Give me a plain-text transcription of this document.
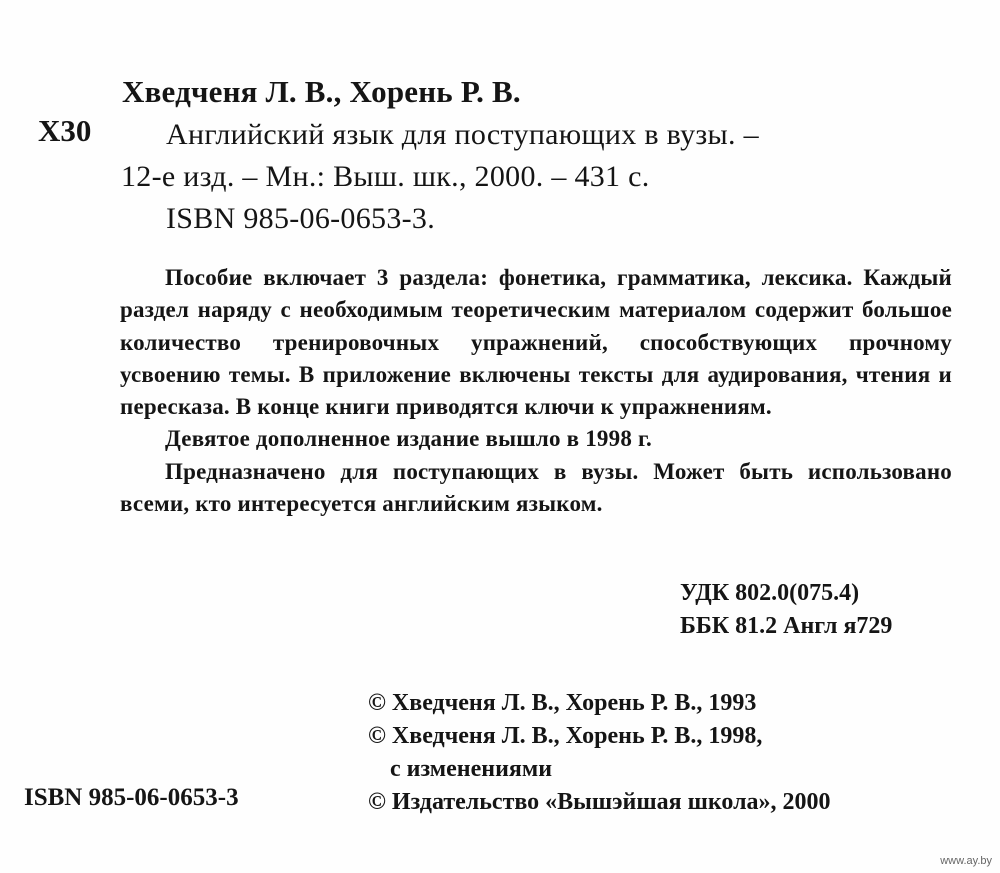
Хведченя Л. В., Хорень Р. В.
Х30 Английский язык для поступающих в вузы. –
12-е изд. – Мн.: Выш. шк., 2000. – 431 с.
ISBN 985-06-0653-3.

Пособие включает 3 раздела: фонетика, грамматика, лексика. Каждый раздел наряду с необходимым теоретическим материалом содержит большое количество тренировочных упражнений, способствующих прочному усвоению темы. В приложение включены тексты для аудирования, чтения и пересказа. В конце книги приводятся ключи к упражнениям.

Девятое дополненное издание вышло в 1998 г.

Предназначено для поступающих в вузы. Может быть использовано всеми, кто интересуется английским языком.

УДК 802.0(075.4)
ББК 81.2 Англ я729
© Хведченя Л. В., Хорень Р. В., 1993
© Хведченя Л. В., Хорень Р. В., 1998,
с изменениями
© Издательство «Вышэйшая школа», 2000
ISBN 985-06-0653-3
www.ay.by
